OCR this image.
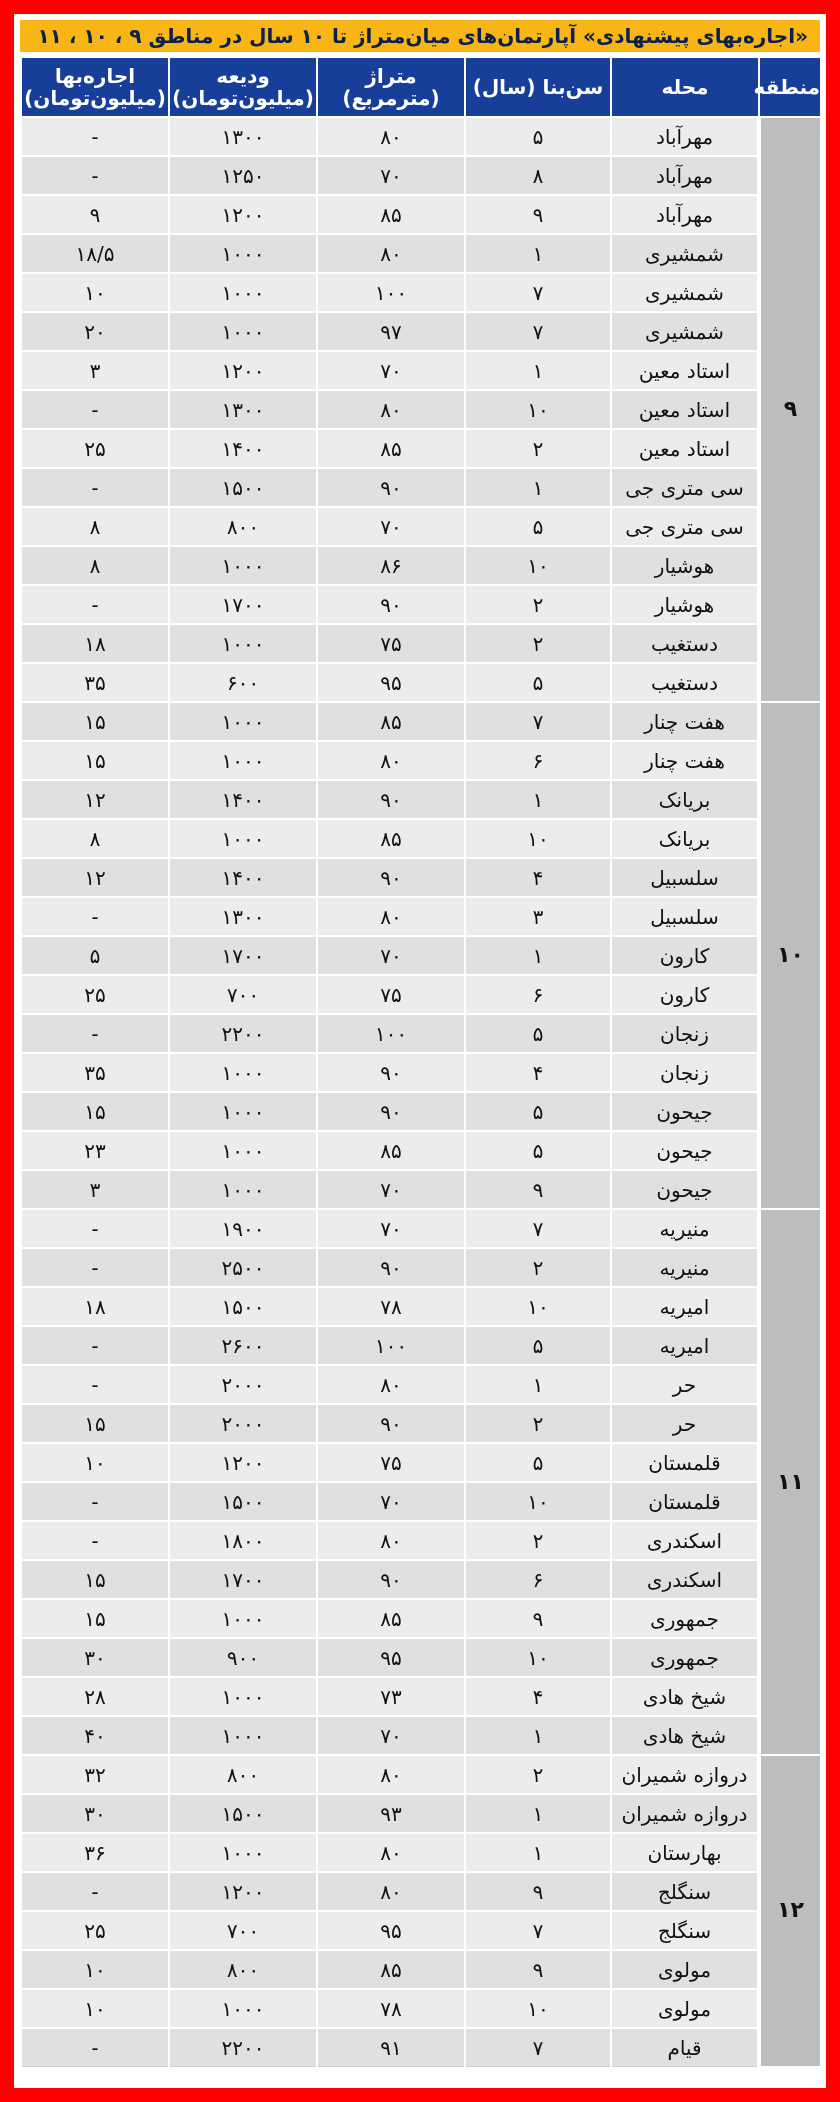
«اجاره‌بهای پیشنهادی» آپارتمان‌های میان‌متراژ تا ۱۰ سال در مناطق ۹ ، ۱۰ ، ۱۱
منطقه	محله	سن‌بنا (سال)	متراژ (مترمربع)	ودیعه (میلیون‌تومان)	اجاره‌بها (میلیون‌تومان)
۹	مهرآباد	۵	۸۰	۱۳۰۰	-
	مهرآباد	۸	۷۰	۱۲۵۰	-
	مهرآباد	۹	۸۵	۱۲۰۰	۹
	شمشیری	۱	۸۰	۱۰۰۰	۱۸/۵
	شمشیری	۷	۱۰۰	۱۰۰۰	۱۰
	شمشیری	۷	۹۷	۱۰۰۰	۲۰
	استاد معین	۱	۷۰	۱۲۰۰	۳
	استاد معین	۱۰	۸۰	۱۳۰۰	-
	استاد معین	۲	۸۵	۱۴۰۰	۲۵
	سی متری جی	۱	۹۰	۱۵۰۰	-
	سی متری جی	۵	۷۰	۸۰۰	۸
	هوشیار	۱۰	۸۶	۱۰۰۰	۸
	هوشیار	۲	۹۰	۱۷۰۰	-
	دستغیب	۲	۷۵	۱۰۰۰	۱۸
	دستغیب	۵	۹۵	۶۰۰	۳۵
۱۰	هفت چنار	۷	۸۵	۱۰۰۰	۱۵
	هفت چنار	۶	۸۰	۱۰۰۰	۱۵
	بریانک	۱	۹۰	۱۴۰۰	۱۲
	بریانک	۱۰	۸۵	۱۰۰۰	۸
	سلسبیل	۴	۹۰	۱۴۰۰	۱۲
	سلسبیل	۳	۸۰	۱۳۰۰	-
	کارون	۱	۷۰	۱۷۰۰	۵
	کارون	۶	۷۵	۷۰۰	۲۵
	زنجان	۵	۱۰۰	۲۲۰۰	-
	زنجان	۴	۹۰	۱۰۰۰	۳۵
	جیحون	۵	۹۰	۱۰۰۰	۱۵
	جیحون	۵	۸۵	۱۰۰۰	۲۳
	جیحون	۹	۷۰	۱۰۰۰	۳
۱۱	منیریه	۷	۷۰	۱۹۰۰	-
	منیریه	۲	۹۰	۲۵۰۰	-
	امیریه	۱۰	۷۸	۱۵۰۰	۱۸
	امیریه	۵	۱۰۰	۲۶۰۰	-
	حر	۱	۸۰	۲۰۰۰	-
	حر	۲	۹۰	۲۰۰۰	۱۵
	قلمستان	۵	۷۵	۱۲۰۰	۱۰
	قلمستان	۱۰	۷۰	۱۵۰۰	-
	اسکندری	۲	۸۰	۱۸۰۰	-
	اسکندری	۶	۹۰	۱۷۰۰	۱۵
	جمهوری	۹	۸۵	۱۰۰۰	۱۵
	جمهوری	۱۰	۹۵	۹۰۰	۳۰
	شیخ هادی	۴	۷۳	۱۰۰۰	۲۸
	شیخ هادی	۱	۷۰	۱۰۰۰	۴۰
۱۲	دروازه شمیران	۲	۸۰	۸۰۰	۳۲
	دروازه شمیران	۱	۹۳	۱۵۰۰	۳۰
	بهارستان	۱	۸۰	۱۰۰۰	۳۶
	سنگلج	۹	۸۰	۱۲۰۰	-
	سنگلج	۷	۹۵	۷۰۰	۲۵
	مولوی	۹	۸۵	۸۰۰	۱۰
	مولوی	۱۰	۷۸	۱۰۰۰	۱۰
	قیام	۷	۹۱	۲۲۰۰	-
